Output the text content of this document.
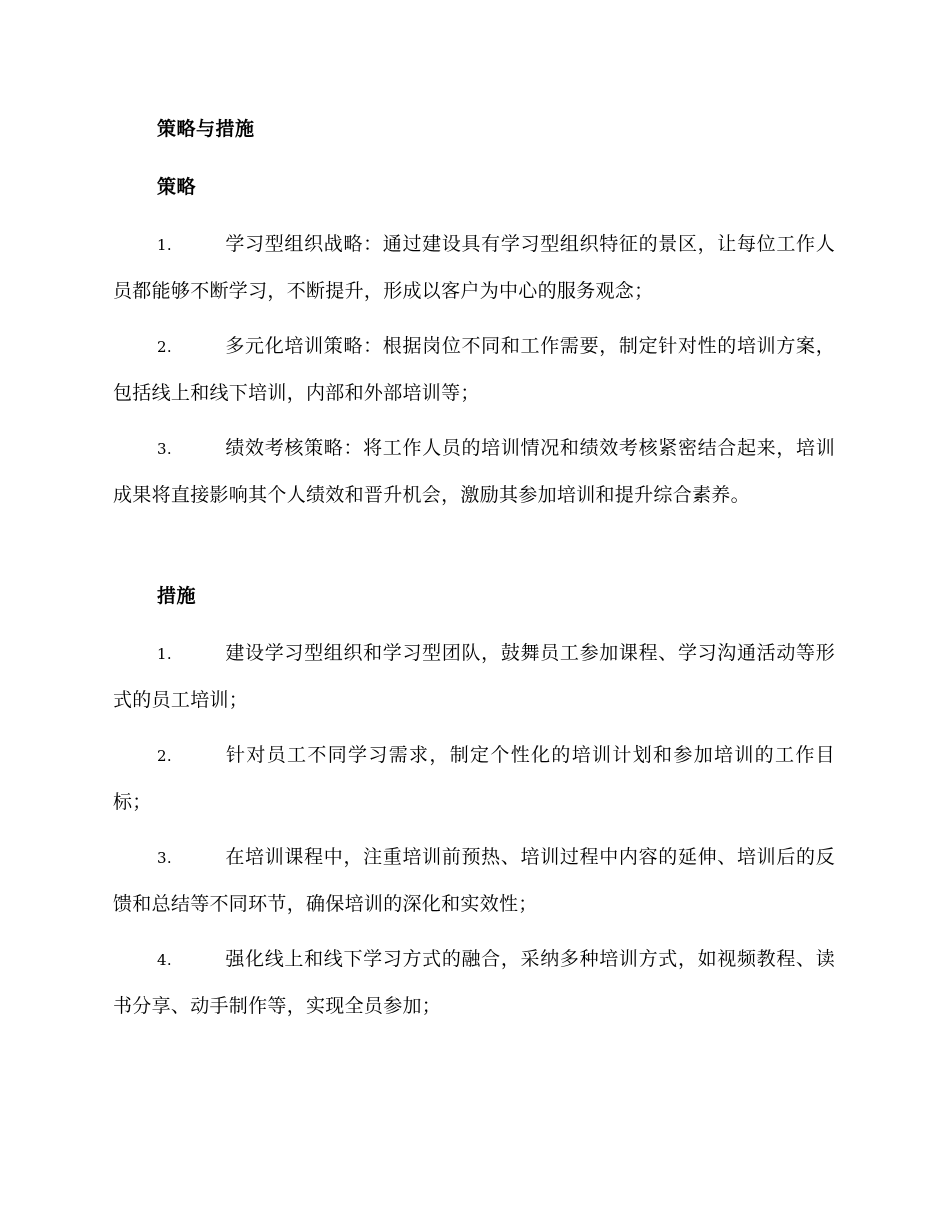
策略与措施
策略
1.	学习型组织战略：通过建设具有学习型组织特征的景区，让每位工作人员都能够不断学习，不断提升，形成以客户为中心的服务观念；
2.	多元化培训策略：根据岗位不同和工作需要，制定针对性的培训方案，包括线上和线下培训，内部和外部培训等；
3.	绩效考核策略：将工作人员的培训情况和绩效考核紧密结合起来，培训成果将直接影响其个人绩效和晋升机会，激励其参加培训和提升综合素养。
措施
1.	建设学习型组织和学习型团队，鼓舞员工参加课程、学习沟通活动等形式的员工培训；
2.	针对员工不同学习需求，制定个性化的培训计划和参加培训的工作目标；
3.	在培训课程中，注重培训前预热、培训过程中内容的延伸、培训后的反馈和总结等不同环节，确保培训的深化和实效性；
4.	强化线上和线下学习方式的融合，采纳多种培训方式，如视频教程、读书分享、动手制作等，实现全员参加；
